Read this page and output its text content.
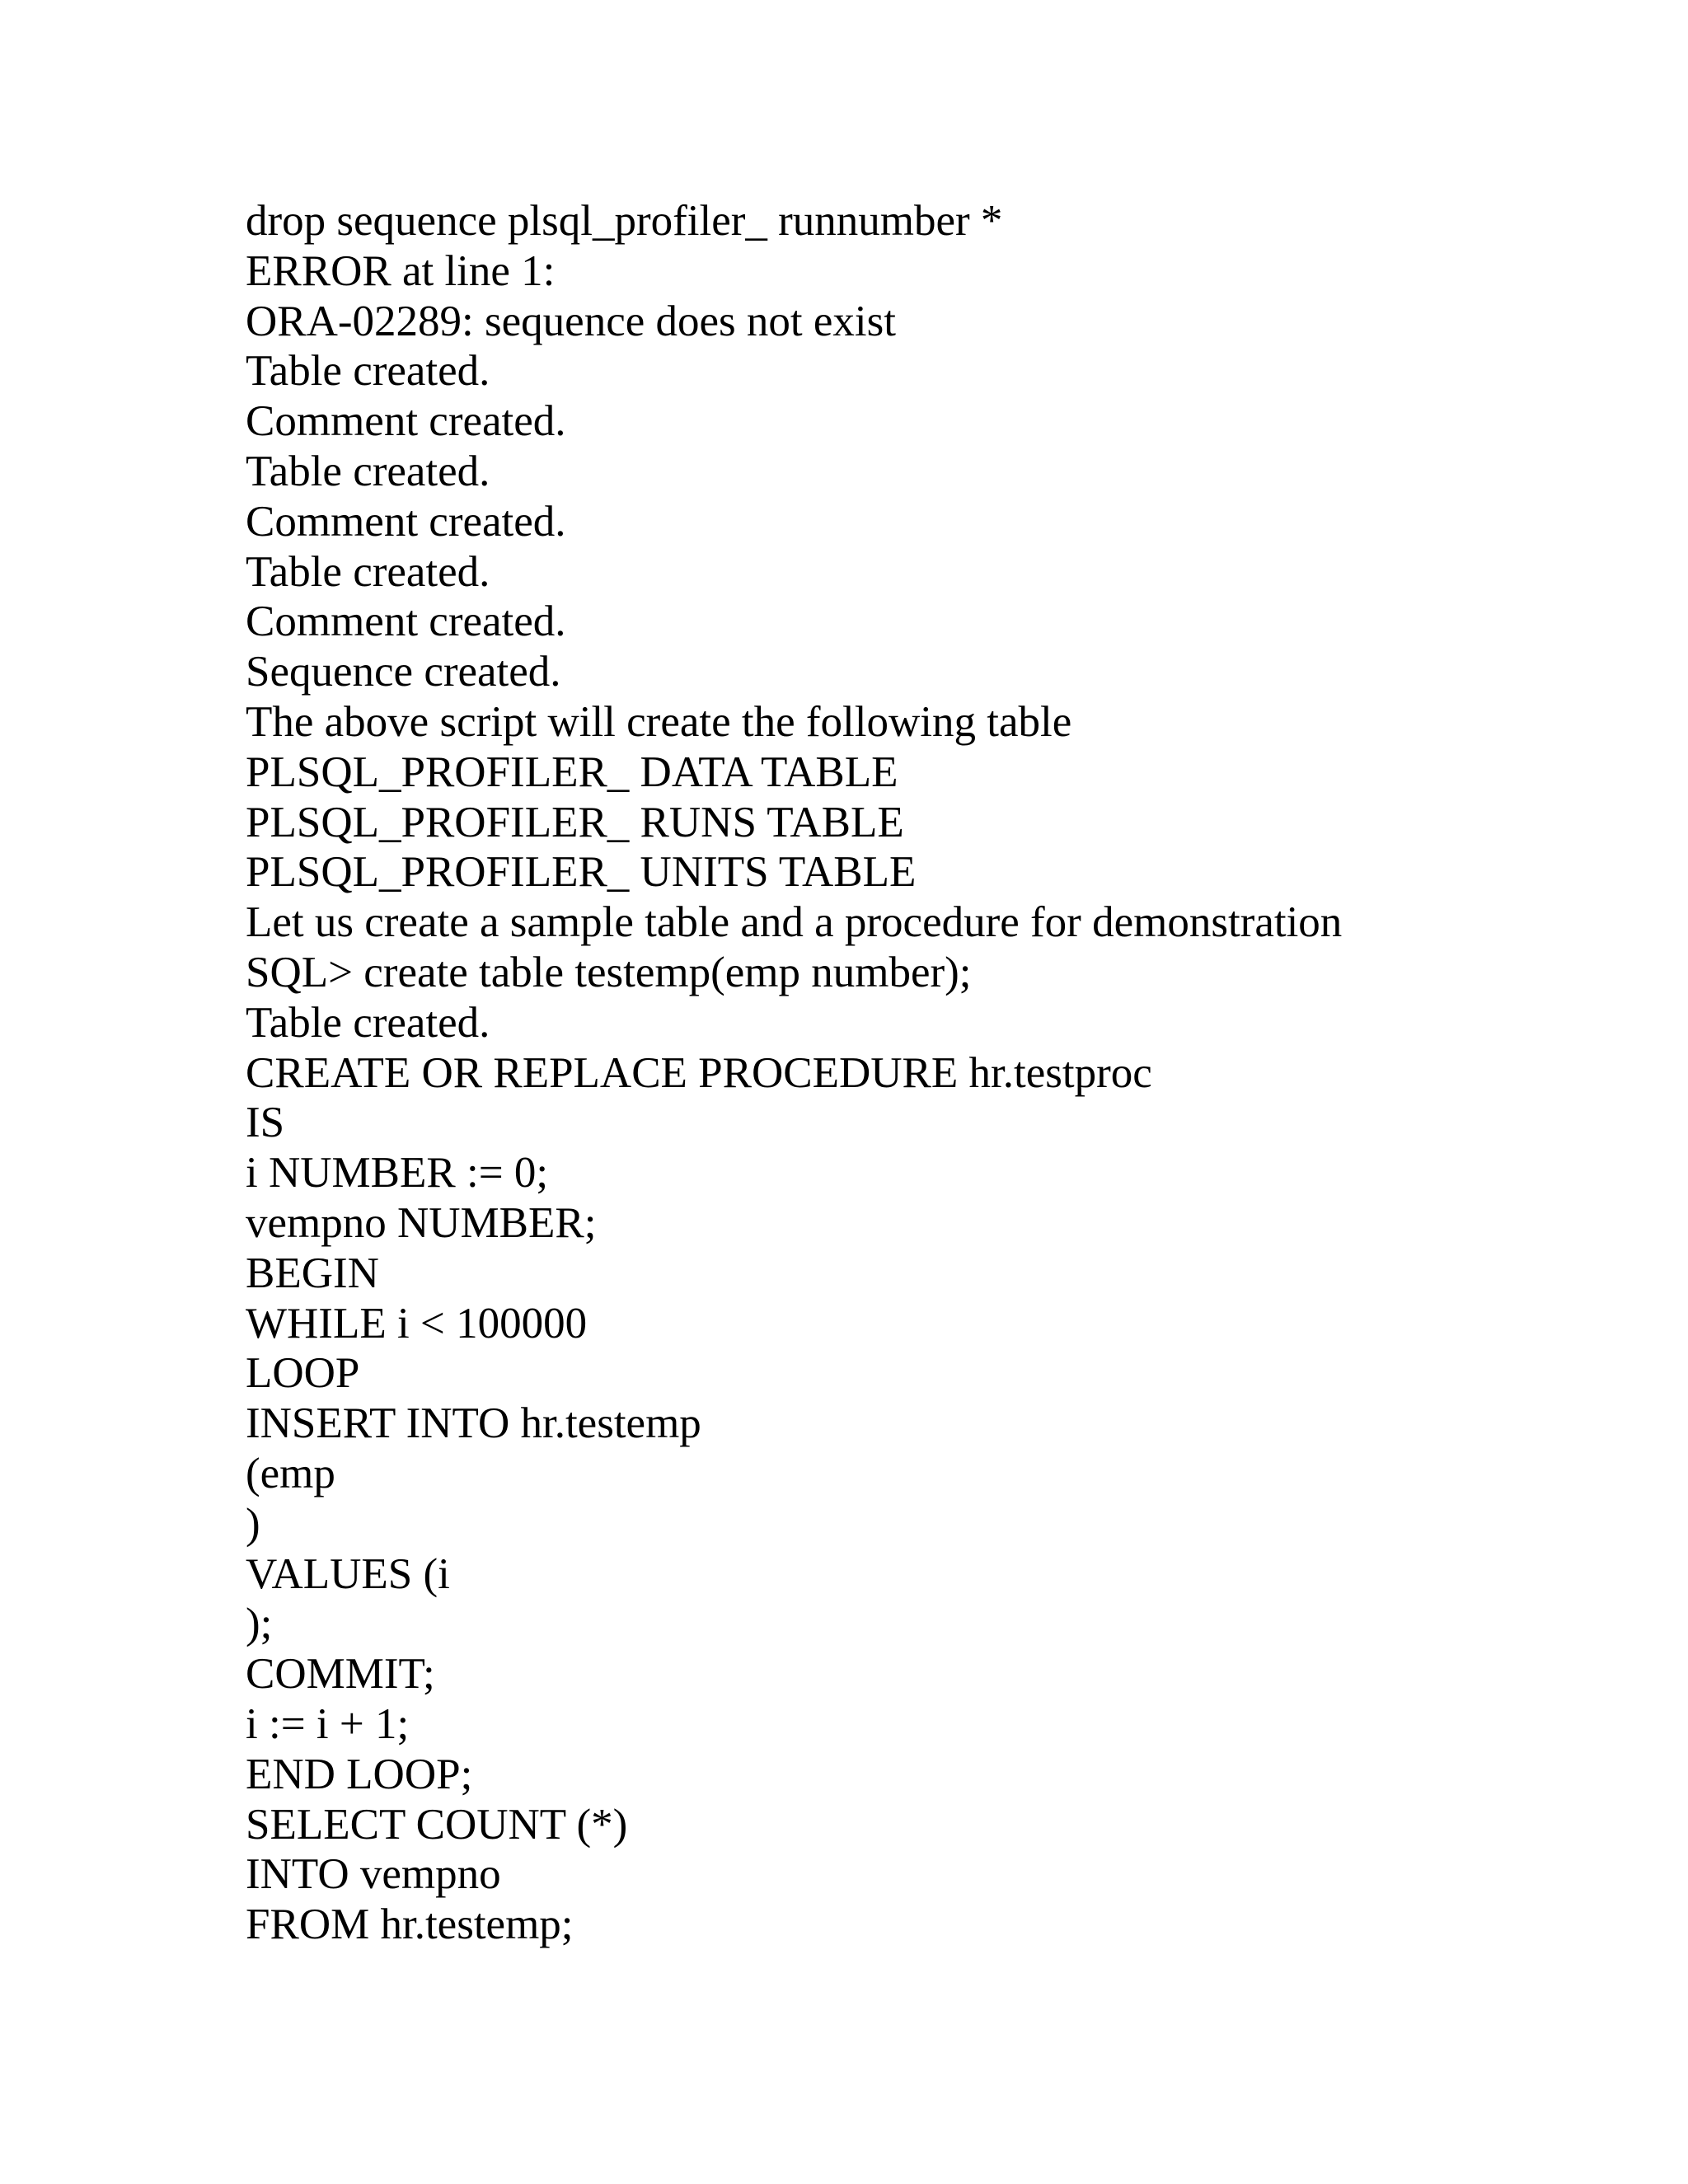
drop sequence plsql_profiler_ runnumber *
ERROR at line 1:
ORA-02289: sequence does not exist
Table created.
Comment created.
Table created.
Comment created.
Table created.
Comment created.
Sequence created.
The above script will create the following table
PLSQL_PROFILER_ DATA TABLE
PLSQL_PROFILER_ RUNS TABLE
PLSQL_PROFILER_ UNITS TABLE
Let us create a sample table and a procedure for demonstration
SQL> create table testemp(emp number);
Table created.
CREATE OR REPLACE PROCEDURE hr.testproc
IS
i NUMBER := 0;
vempno NUMBER;
BEGIN
WHILE i < 100000
LOOP
INSERT INTO hr.testemp
(emp
)
VALUES (i
);
COMMIT;
i := i + 1;
END LOOP;
SELECT COUNT (*)
INTO vempno
FROM hr.testemp;
